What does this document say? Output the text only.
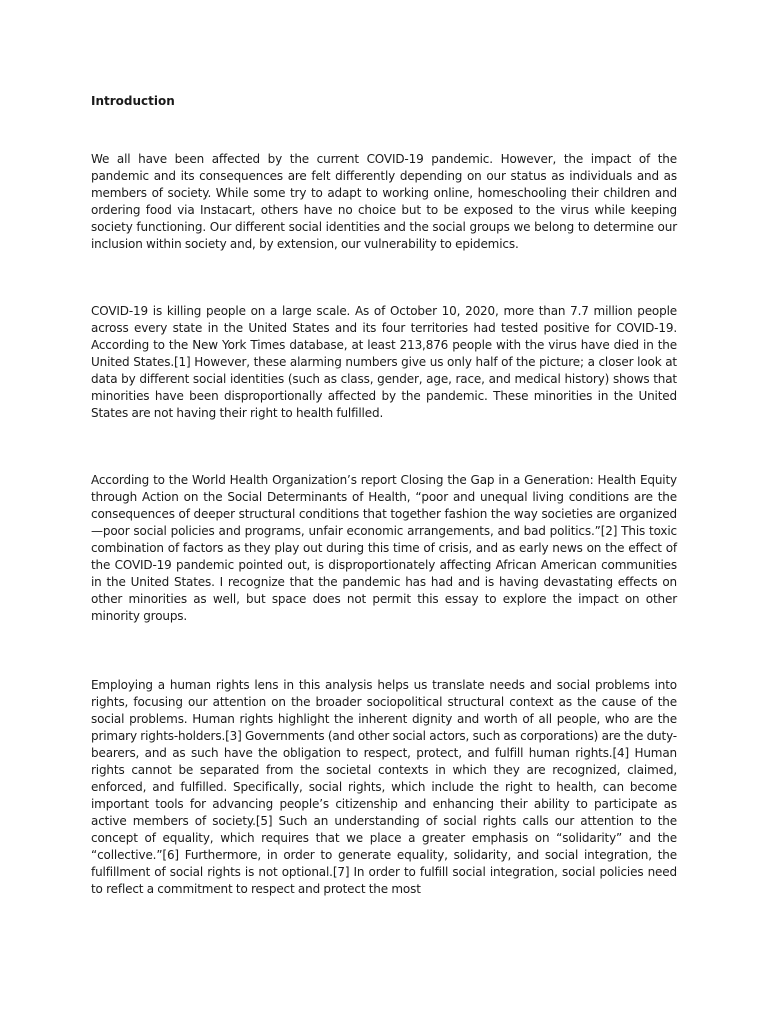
Introduction

We all have been affected by the current COVID-19 pandemic. However, the impact of the pandemic and its consequences are felt differently depending on our status as individuals and as members of society. While some try to adapt to working online, homeschooling their children and ordering food via Instacart, others have no choice but to be exposed to the virus while keeping society functioning. Our different social identities and the social groups we belong to determine our inclusion within society and, by extension, our vulnerability to epidemics.

COVID-19 is killing people on a large scale. As of October 10, 2020, more than 7.7 million people across every state in the United States and its four territories had tested positive for COVID-19. According to the New York Times database, at least 213,876 people with the virus have died in the United States.[1] However, these alarming numbers give us only half of the picture; a closer look at data by different social identities (such as class, gender, age, race, and medical history) shows that minorities have been disproportionally affected by the pandemic. These minorities in the United States are not having their right to health fulfilled.

According to the World Health Organization’s report Closing the Gap in a Generation: Health Equity through Action on the Social Determinants of Health, “poor and unequal living conditions are the consequences of deeper structural conditions that together fashion the way societies are organized—poor social policies and programs, unfair economic arrangements, and bad politics.”[2] This toxic combination of factors as they play out during this time of crisis, and as early news on the effect of the COVID-19 pandemic pointed out, is disproportionately affecting African American communities in the United States. I recognize that the pandemic has had and is having devastating effects on other minorities as well, but space does not permit this essay to explore the impact on other minority groups.

Employing a human rights lens in this analysis helps us translate needs and social problems into rights, focusing our attention on the broader sociopolitical structural context as the cause of the social problems. Human rights highlight the inherent dignity and worth of all people, who are the primary rights-holders.[3] Governments (and other social actors, such as corporations) are the duty-bearers, and as such have the obligation to respect, protect, and fulfill human rights.[4] Human rights cannot be separated from the societal contexts in which they are recognized, claimed, enforced, and fulfilled. Specifically, social rights, which include the right to health, can become important tools for advancing people’s citizenship and enhancing their ability to participate as active members of society.[5] Such an understanding of social rights calls our attention to the concept of equality, which requires that we place a greater emphasis on “solidarity” and the “collective.”[6] Furthermore, in order to generate equality, solidarity, and social integration, the fulfillment of social rights is not optional.[7] In order to fulfill social integration, social policies need to reflect a commitment to respect and protect the most
